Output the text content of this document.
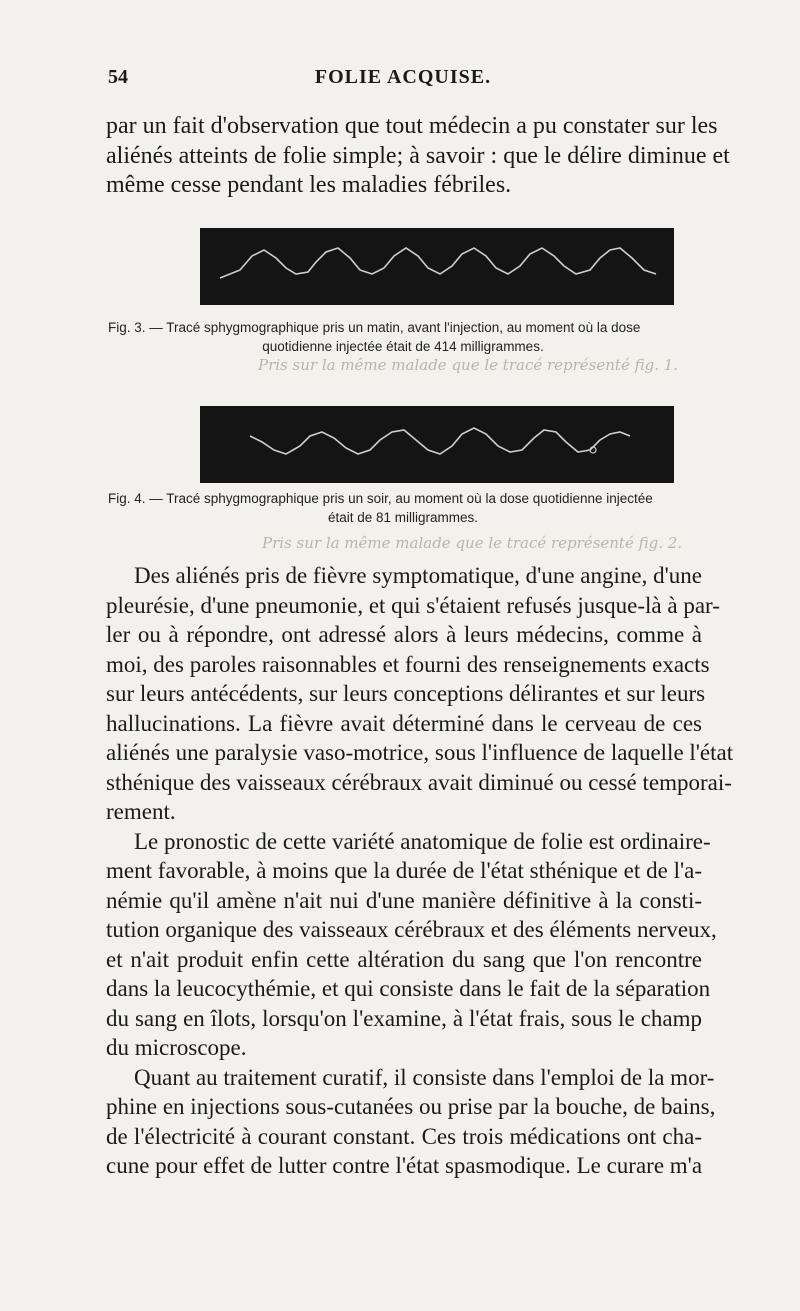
54	FOLIE ACQUISE.

par un fait d'observation que tout médecin a pu constater sur les
aliénés atteints de folie simple; à savoir : que le délire diminue et
même cesse pendant les maladies fébriles.

Fig. 3. — Tracé sphygmographique pris un matin, avant l'injection, au moment où la dose
quotidienne injectée était de 414 milligrammes.
Pris sur la même malade que le tracé représenté fig. 1.
Fig. 4. — Tracé sphygmographique pris un soir, au moment où la dose quotidienne injectée
était de 81 milligrammes.
Pris sur la même malade que le tracé représenté fig. 2.

Des aliénés pris de fièvre symptomatique, d'une angine, d'une
pleurésie, d'une pneumonie, et qui s'étaient refusés jusque-là à par-
ler ou à répondre, ont adressé alors à leurs médecins, comme à
moi, des paroles raisonnables et fourni des renseignements exacts
sur leurs antécédents, sur leurs conceptions délirantes et sur leurs
hallucinations. La fièvre avait déterminé dans le cerveau de ces
aliénés une paralysie vaso-motrice, sous l'influence de laquelle l'état
sthénique des vaisseaux cérébraux avait diminué ou cessé temporai-
rement.
Le pronostic de cette variété anatomique de folie est ordinaire-
ment favorable, à moins que la durée de l'état sthénique et de l'a-
némie qu'il amène n'ait nui d'une manière définitive à la consti-
tution organique des vaisseaux cérébraux et des éléments nerveux,
et n'ait produit enfin cette altération du sang que l'on rencontre
dans la leucocythémie, et qui consiste dans le fait de la séparation
du sang en îlots, lorsqu'on l'examine, à l'état frais, sous le champ
du microscope.
Quant au traitement curatif, il consiste dans l'emploi de la mor-
phine en injections sous-cutanées ou prise par la bouche, de bains,
de l'électricité à courant constant. Ces trois médications ont cha-
cune pour effet de lutter contre l'état spasmodique. Le curare m'a
